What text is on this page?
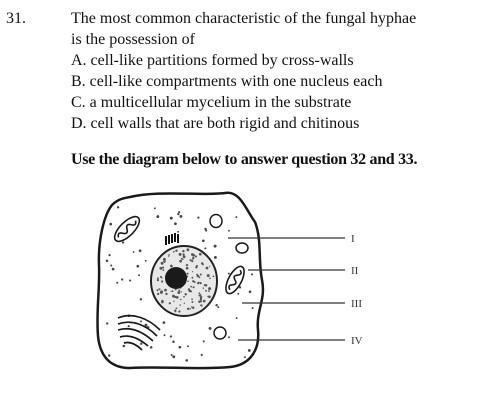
31.	The most common characteristic of the fungal hyphae
is the possession of
A. cell-like partitions formed by cross-walls
B. cell-like compartments with one nucleus each
C. a multicellular mycelium in the substrate
D. cell walls that are both rigid and chitinous
Use the diagram below to answer question 32 and 33.
I
II
III
IV
